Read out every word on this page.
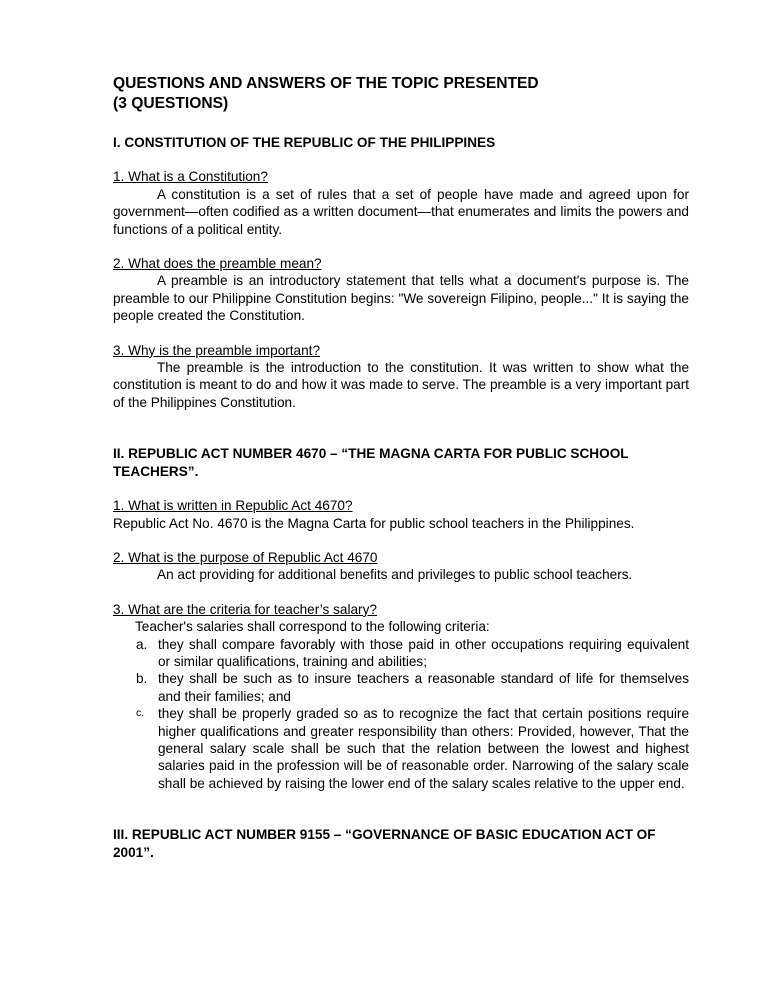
QUESTIONS AND ANSWERS OF THE TOPIC PRESENTED

(3 QUESTIONS)

I. CONSTITUTION OF THE REPUBLIC OF THE PHILIPPINES

1. What is a Constitution?

A constitution is a set of rules that a set of people have made and agreed upon for government—often codified as a written document—that enumerates and limits the powers and functions of a political entity.

2. What does the preamble mean?

A preamble is an introductory statement that tells what a document's purpose is. The preamble to our Philippine Constitution begins: "We sovereign Filipino, people..." It is saying the people created the Constitution.

3. Why is the preamble important?

The preamble is the introduction to the constitution. It was written to show what the constitution is meant to do and how it was made to serve. The preamble is a very important part of the Philippines Constitution.

II. REPUBLIC ACT NUMBER 4670 – “THE MAGNA CARTA FOR PUBLIC SCHOOL TEACHERS”.

1. What is written in Republic Act 4670?

Republic Act No. 4670 is the Magna Carta for public school teachers in the Philippines.

2. What is the purpose of Republic Act 4670

An act providing for additional benefits and privileges to public school teachers.

3. What are the criteria for teacher’s salary?

Teacher's salaries shall correspond to the following criteria:

a. they shall compare favorably with those paid in other occupations requiring equivalent or similar qualifications, training and abilities;
b. they shall be such as to insure teachers a reasonable standard of life for themselves and their families; and
c. they shall be properly graded so as to recognize the fact that certain positions require higher qualifications and greater responsibility than others: Provided, however, That the general salary scale shall be such that the relation between the lowest and highest salaries paid in the profession will be of reasonable order. Narrowing of the salary scale shall be achieved by raising the lower end of the salary scales relative to the upper end.

III. REPUBLIC ACT NUMBER 9155 – “GOVERNANCE OF BASIC EDUCATION ACT OF 2001”.
